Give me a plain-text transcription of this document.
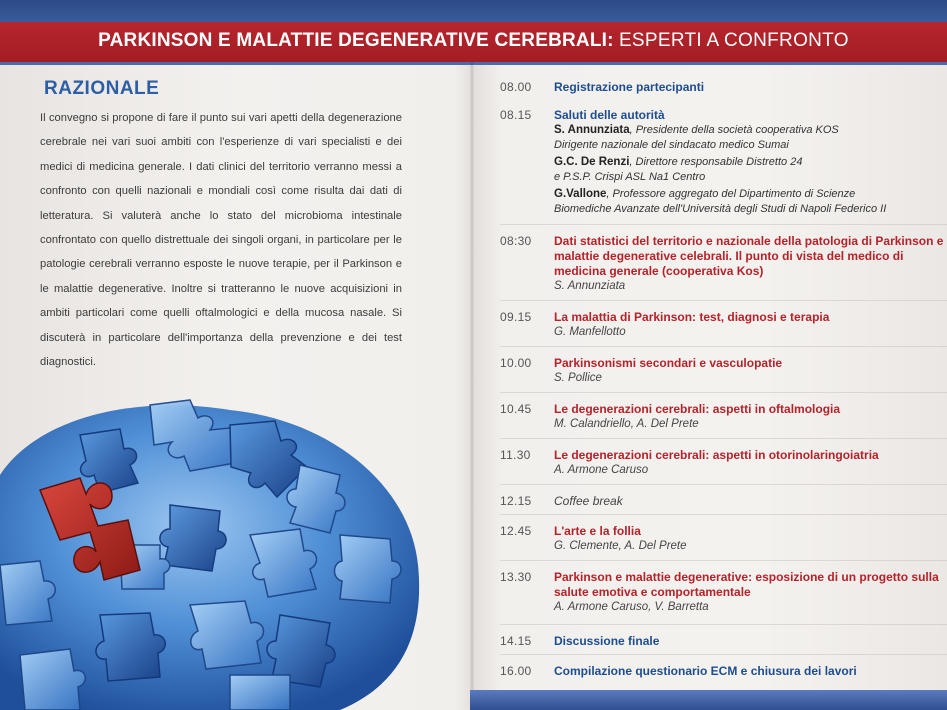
PARKINSON E MALATTIE DEGENERATIVE CEREBRALI: ESPERTI A CONFRONTO
RAZIONALE
Il convegno si propone di fare il punto sui vari apetti della degenerazione cerebrale nei vari suoi ambiti con l'esperienze di vari specialisti e dei medici di medicina generale. I dati clinici del territorio verranno messi a confronto con quelli nazionali e mondiali così come risulta dai dati di letteratura. Si valuterà anche lo stato del microbioma intestinale confrontato con quello distrettuale dei singoli organi, in particolare per le patologie cerebrali verranno esposte le nuove terapie, per il Parkinson e le malattie degenerative. Inoltre si tratteranno le nuove acquisizioni in ambiti particolari come quelli oftalmologici e della mucosa nasale. Si discuterà in particolare dell'importanza della prevenzione e dei test diagnostici.
08.00	Registrazione partecipanti
08.15	Saluti delle autorità
S. Annunziata, Presidente della società cooperativa KOS
Dirigente nazionale del sindacato medico Sumai
G.C. De Renzi, Direttore responsabile Distretto 24
e P.S.P. Crispi ASL Na1 Centro
G.Vallone, Professore aggregato del Dipartimento di Scienze
Biomediche Avanzate dell'Università degli Studi di Napoli Federico II
08:30	Dati statistici del territorio e nazionale della patologia di Parkinson e malattie degenerative celebrali. Il punto di vista del medico di medicina generale (cooperativa Kos)
S. Annunziata
09.15	La malattia di Parkinson: test, diagnosi e terapia
G. Manfellotto
10.00	Parkinsonismi secondari e vasculopatie
S. Pollice
10.45	Le degenerazioni cerebrali: aspetti in oftalmologia
M. Calandriello, A. Del Prete
11.30	Le degenerazioni cerebrali: aspetti in otorinolaringoiatria
A. Armone Caruso
12.15	Coffee break
12.45	L'arte e la follia
G. Clemente, A. Del Prete
13.30	Parkinson e malattie degenerative: esposizione di un progetto sulla salute emotiva e comportamentale
A. Armone Caruso, V. Barretta
14.15	Discussione finale
16.00	Compilazione questionario ECM e chiusura dei lavori
